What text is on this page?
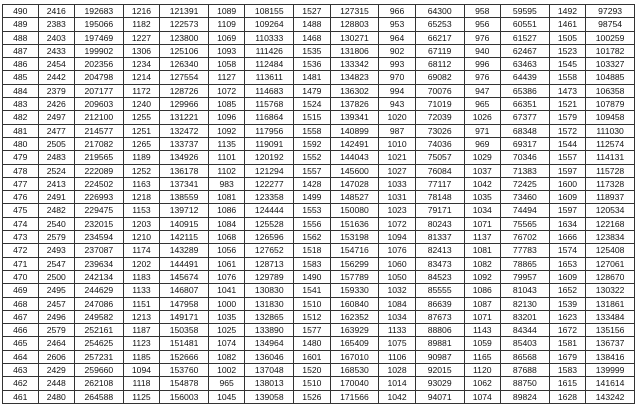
490	2416	192683	1216	121391	1089	108155	1527	127315	966	64300	958	59595	1492	97293
489	2383	195066	1182	122573	1109	109264	1488	128803	953	65253	956	60551	1461	98754
488	2403	197469	1227	123800	1069	110333	1468	130271	964	66217	976	61527	1505	100259
487	2433	199902	1306	125106	1093	111426	1535	131806	902	67119	940	62467	1523	101782
486	2454	202356	1234	126340	1058	112484	1536	133342	993	68112	996	63463	1545	103327
485	2442	204798	1214	127554	1127	113611	1481	134823	970	69082	976	64439	1558	104885
484	2379	207177	1172	128726	1072	114683	1479	136302	994	70076	947	65386	1473	106358
483	2426	209603	1240	129966	1085	115768	1524	137826	943	71019	965	66351	1521	107879
482	2497	212100	1255	131221	1096	116864	1515	139341	1020	72039	1026	67377	1579	109458
481	2477	214577	1251	132472	1092	117956	1558	140899	987	73026	971	68348	1572	111030
480	2505	217082	1265	133737	1135	119091	1592	142491	1010	74036	969	69317	1544	112574
479	2483	219565	1189	134926	1101	120192	1552	144043	1021	75057	1029	70346	1557	114131
478	2524	222089	1252	136178	1102	121294	1557	145600	1027	76084	1037	71383	1597	115728
477	2413	224502	1163	137341	983	122277	1428	147028	1033	77117	1042	72425	1600	117328
476	2491	226993	1218	138559	1081	123358	1499	148527	1031	78148	1035	73460	1609	118937
475	2482	229475	1153	139712	1086	124444	1553	150080	1023	79171	1034	74494	1597	120534
474	2540	232015	1203	140915	1084	125528	1556	151636	1072	80243	1071	75565	1634	122168
473	2579	234594	1210	142115	1068	126596	1562	153198	1094	81337	1137	76702	1666	123834
472	2493	237087	1174	143289	1056	127652	1518	154716	1076	82413	1081	77783	1574	125408
471	2547	239634	1202	144491	1061	128713	1583	156299	1060	83473	1082	78865	1653	127061
470	2500	242134	1183	145674	1076	129789	1490	157789	1050	84523	1092	79957	1609	128670
469	2495	244629	1133	146807	1041	130830	1541	159330	1032	85555	1086	81043	1652	130322
468	2457	247086	1151	147958	1000	131830	1510	160840	1084	86639	1087	82130	1539	131861
467	2496	249582	1213	149171	1035	132865	1512	162352	1034	87673	1071	83201	1623	133484
466	2579	252161	1187	150358	1025	133890	1577	163929	1133	88806	1143	84344	1672	135156
465	2464	254625	1123	151481	1074	134964	1480	165409	1075	89881	1059	85403	1581	136737
464	2606	257231	1185	152666	1082	136046	1601	167010	1106	90987	1165	86568	1679	138416
463	2429	259660	1094	153760	1002	137048	1520	168530	1028	92015	1120	87688	1583	139999
462	2448	262108	1118	154878	965	138013	1510	170040	1014	93029	1062	88750	1615	141614
461	2480	264588	1125	156003	1045	139058	1526	171566	1042	94071	1074	89824	1628	143242
